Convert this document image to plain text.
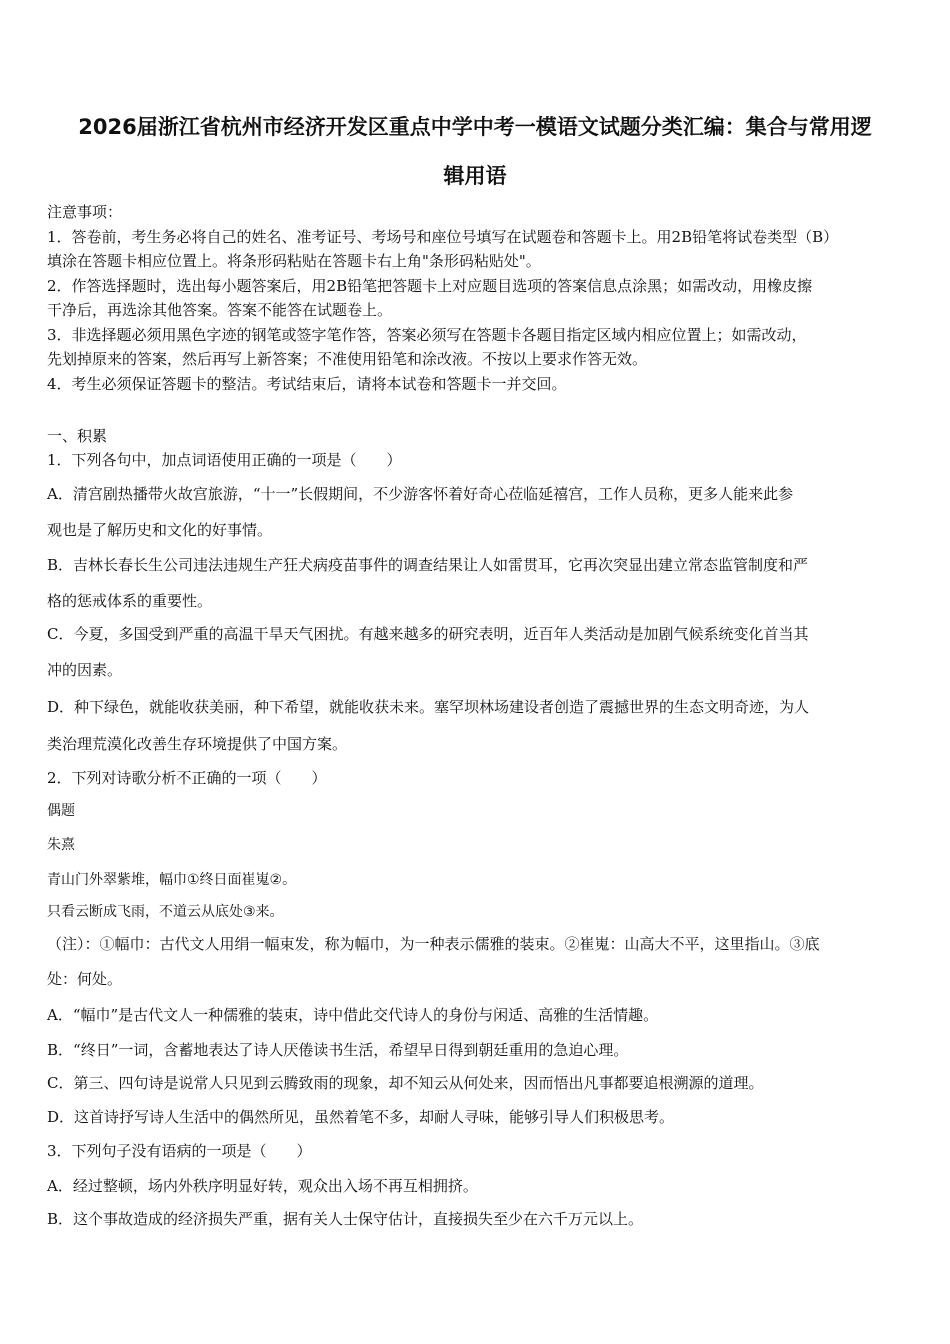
2026届浙江省杭州市经济开发区重点中学中考一模语文试题分类汇编：集合与常用逻
辑用语
注意事项：
1．答卷前，考生务必将自己的姓名、准考证号、考场号和座位号填写在试题卷和答题卡上。用2B铅笔将试卷类型（B）
填涂在答题卡相应位置上。将条形码粘贴在答题卡右上角"条形码粘贴处"。
2．作答选择题时，选出每小题答案后，用2B铅笔把答题卡上对应题目选项的答案信息点涂黑；如需改动，用橡皮擦
干净后，再选涂其他答案。答案不能答在试题卷上。
3．非选择题必须用黑色字迹的钢笔或签字笔作答，答案必须写在答题卡各题目指定区域内相应位置上；如需改动，
先划掉原来的答案，然后再写上新答案；不准使用铅笔和涂改液。不按以上要求作答无效。
4．考生必须保证答题卡的整洁。考试结束后，请将本试卷和答题卡一并交回。
一、积累
1．下列各句中，加点词语使用正确的一项是（　　）
A．清宫剧热播带火故宫旅游，“十一”长假期间，不少游客怀着好奇心莅临延禧宫，工作人员称，更多人能来此参
观也是了解历史和文化的好事情。
B．吉林长春长生公司违法违规生产狂犬病疫苗事件的调查结果让人如雷贯耳，它再次突显出建立常态监管制度和严
格的惩戒体系的重要性。
C．今夏，多国受到严重的高温干旱天气困扰。有越来越多的研究表明，近百年人类活动是加剧气候系统变化首当其
冲的因素。
D．种下绿色，就能收获美丽，种下希望，就能收获未来。塞罕坝林场建设者创造了震撼世界的生态文明奇迹，为人
类治理荒漠化改善生存环境提供了中国方案。
2．下列对诗歌分析不正确的一项（　　）
偶题
朱熹
青山门外翠紫堆，幅巾①终日面崔嵬②。
只看云断成飞雨，不道云从底处③来。
（注）：①幅巾：古代文人用绢一幅束发，称为幅巾，为一种表示儒雅的装束。②崔嵬：山高大不平，这里指山。③底
处：何处。
A．“幅巾”是古代文人一种儒雅的装束，诗中借此交代诗人的身份与闲适、高雅的生活情趣。
B．“终日”一词，含蓄地表达了诗人厌倦读书生活，希望早日得到朝廷重用的急迫心理。
C．第三、四句诗是说常人只见到云腾致雨的现象，却不知云从何处来，因而悟出凡事都要追根溯源的道理。
D．这首诗抒写诗人生活中的偶然所见，虽然着笔不多，却耐人寻味，能够引导人们积极思考。
3．下列句子没有语病的一项是（　　）
A．经过整顿，场内外秩序明显好转，观众出入场不再互相拥挤。
B．这个事故造成的经济损失严重，据有关人士保守估计，直接损失至少在六千万元以上。
